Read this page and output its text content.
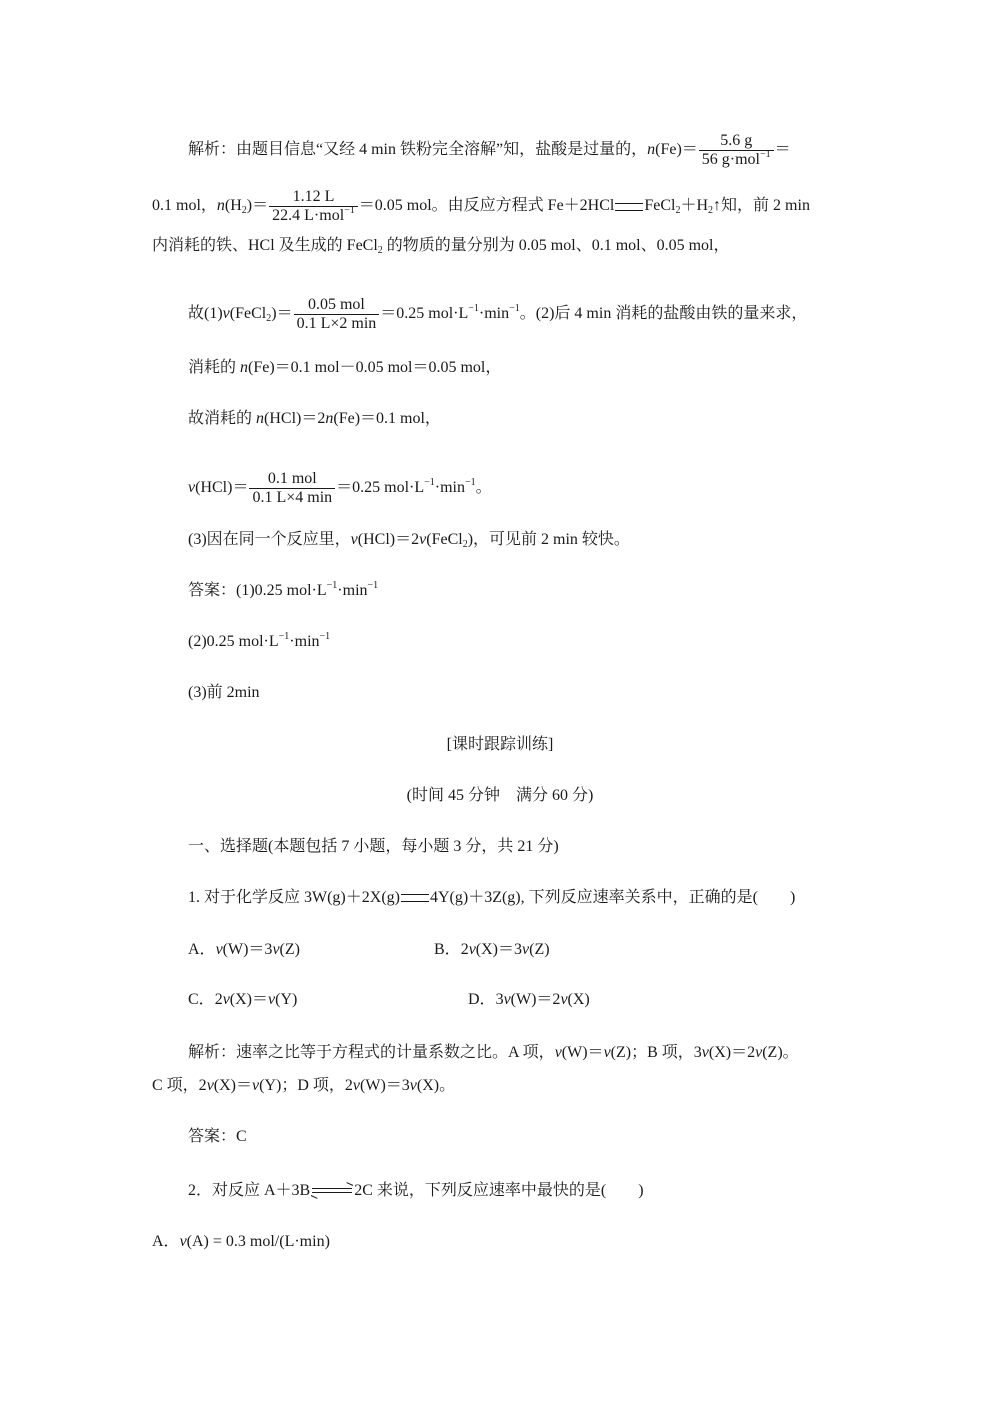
解析：由题目信息“又经 4 min 铁粉完全溶解”知，盐酸是过量的，$n(Fe)= \frac{5.6 g}{56 g\cdot mol^{-1}}$ ＝
0.1 mol，$n(H_2)= \frac{1.12 L}{22.4 L\cdot mol^{-1}} =0.05$ mol。由反应方程式 Fe＋2HCl $FeCl_2+H_2↑$知，前 2 min
内消耗的铁、HCl 及生成的 FeCl$_2$ 的物质的量分别为 0.05 mol、0.1 mol、0.05 mol，
故(1)v(FeCl$_2$)＝ $\frac{\text{0.05 mol}}{0.1 L\times 2 \min} =0.25$ $mol\cdot L^{-1}\cdot\min^{-1}$。(2)后 4 min 消耗的盐酸由铁的量来求，
消耗的 n(Fe)＝0.1 mol－0.05 mol＝0.05 mol，
故消耗的 n(HCl)＝2n(Fe)＝0.1 mol，
$v(HCl)= \frac{\text{0.1 mol}}{0.1 L\times 4 \min} =0.25$ $mol\cdot L^{-1}\cdot\min^{-1}$。
(3)因在同一个反应里，v(HCl)＝2v(FeCl$_2$)，可见前 2 min 较快。
答案：(1)0.25 $mol\cdot L^{-1}\cdot\min^{-1}$
(2)0.25 $mol\cdot L^{-1}\cdot\min^{-1}$
(3)前 2min
[课时跟踪训练]
(时间 45 分钟　满分 60 分)
一、选择题(本题包括 7 小题，每小题 3 分，共 21 分)
1. 对于化学反应 3W(g)＋2X(g) 4Y(g)＋3Z(g), 下列反应速率关系中，正确的是(　　)
A．v(W)＝3v(Z)	B．2v(X)＝3v(Z)
C．2v(X)＝v(Y)	D．3v(W)＝2v(X)
解析：速率之比等于方程式的计量系数之比。A 项，v(W)＝v(Z)；B 项，3v(X)＝2v(Z)。
C 项，2v(X)＝v(Y)；D 项，2v(W)＝3v(X)。
答案：C
2．对反应 A＋3B	2C 来说，下列反应速率中最快的是(　　)
A．v(A) = 0.3 mol/(L·min)
